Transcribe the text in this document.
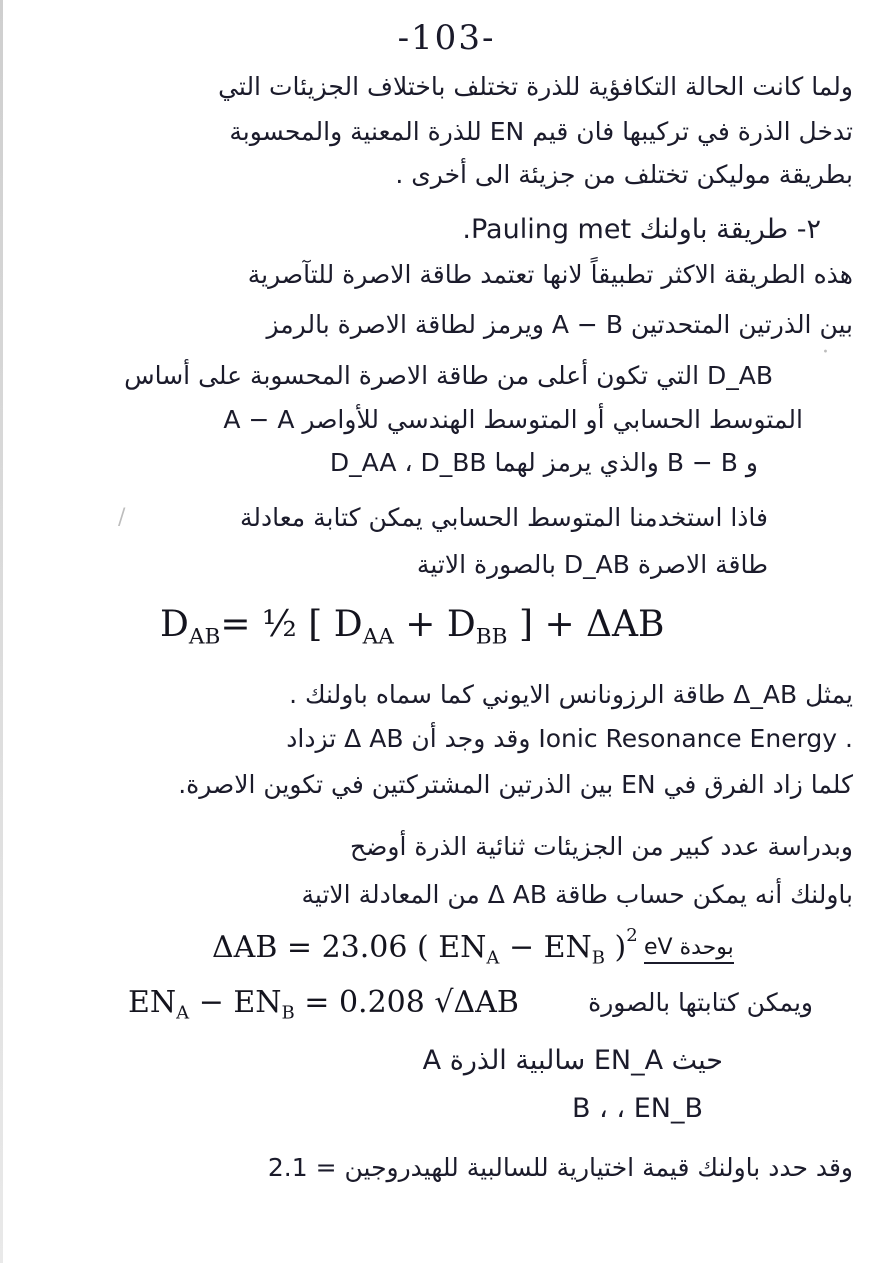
·
/
-103-
ولما كانت الحالة التكافؤية للذرة تختلف باختلاف الجزيئات التي
تدخل الذرة في تركيبها فان قيم EN للذرة المعنية والمحسوبة
بطريقة موليكن تختلف من جزيئة الى أخرى .
٢- طريقة باولنك Pauling met.
هذه الطريقة الاكثر تطبيقاً لانها تعتمد طاقة الاصرة للتآصرية
بين الذرتين المتحدتين A − B ويرمز لطاقة الاصرة بالرمز
D_AB التي تكون أعلى من طاقة الاصرة المحسوبة على أساس
المتوسط الحسابي أو المتوسط الهندسي للأواصر A − A
و B − B والذي يرمز لهما D_AA ، D_BB
فاذا استخدمنا المتوسط الحسابي يمكن كتابة معادلة
طاقة الاصرة D_AB بالصورة الاتية
$D_{AB}=$ ½ [ $D_{AA} + D_{BB}$ ] + ΔAB
يمثل Δ_AB طاقة الرزونانس الايوني كما سماه باولنك .
. Ionic Resonance Energy وقد وجد أن Δ AB تزداد
كلما زاد الفرق في EN بين الذرتين المشتركتين في تكوين الاصرة.
وبدراسة عدد كبير من الجزيئات ثنائية الذرة أوضح
باولنك أنه يمكن حساب طاقة Δ AB من المعادلة الاتية
ΔAB = 23.06 ( $EN_A - EN_B$ )$^2$ بوحدة eV
$EN_A - EN_B = 0.208$ √ΔAB	ويمكن كتابتها بالصورة
حيث EN_A سالبية الذرة A
B ، ، EN_B
وقد حدد باولنك قيمة اختيارية للسالبية للهيدروجين = 2.1
